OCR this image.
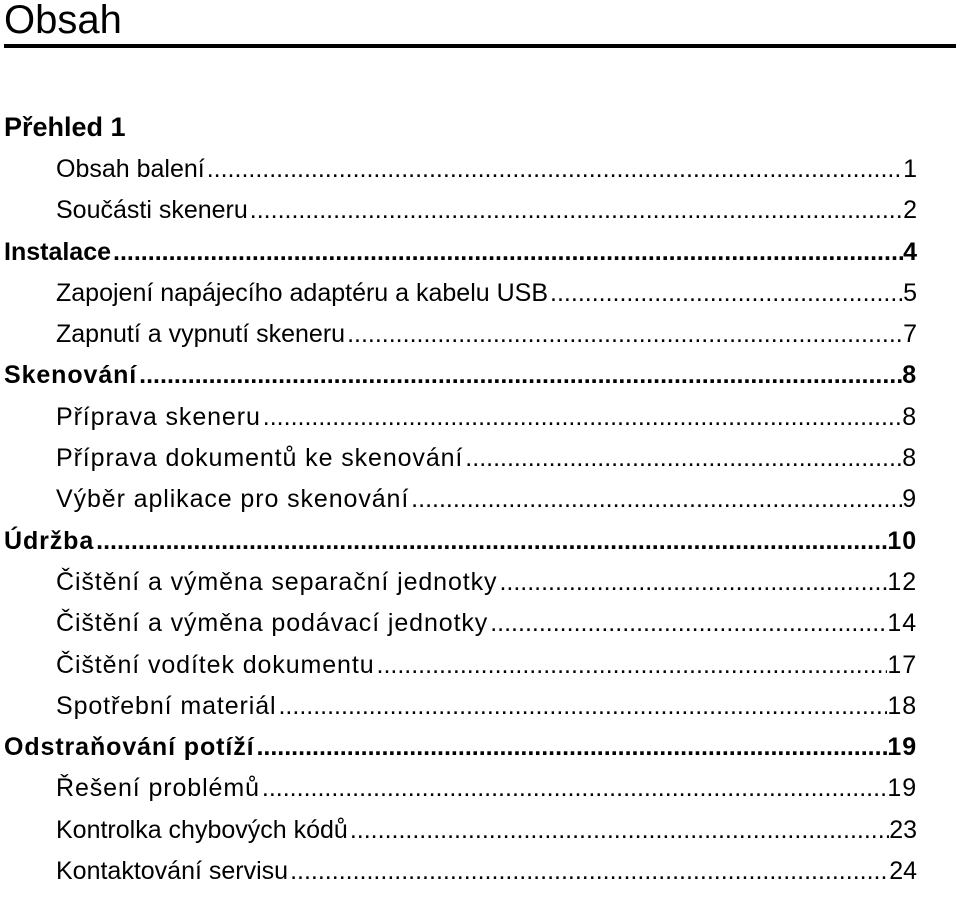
Obsah
Přehled 1
Obsah balení .....	1
Součásti skeneru .....	2
Instalace .....	4
Zapojení napájecího adaptéru a kabelu USB .....	5
Zapnutí a vypnutí skeneru .....	7
Skenování .....	8
Příprava skeneru .....	8
Příprava dokumentů ke skenování .....	8
Výběr aplikace pro skenování .....	9
Údržba .....	10
Čištění a výměna separační jednotky .....	12
Čištění a výměna podávací jednotky .....	14
Čištění vodítek dokumentu .....	17
Spotřební materiál .....	18
Odstraňování potíží .....	19
Řešení problémů .....	19
Kontrolka chybových kódů .....	23
Kontaktování servisu .....	24
